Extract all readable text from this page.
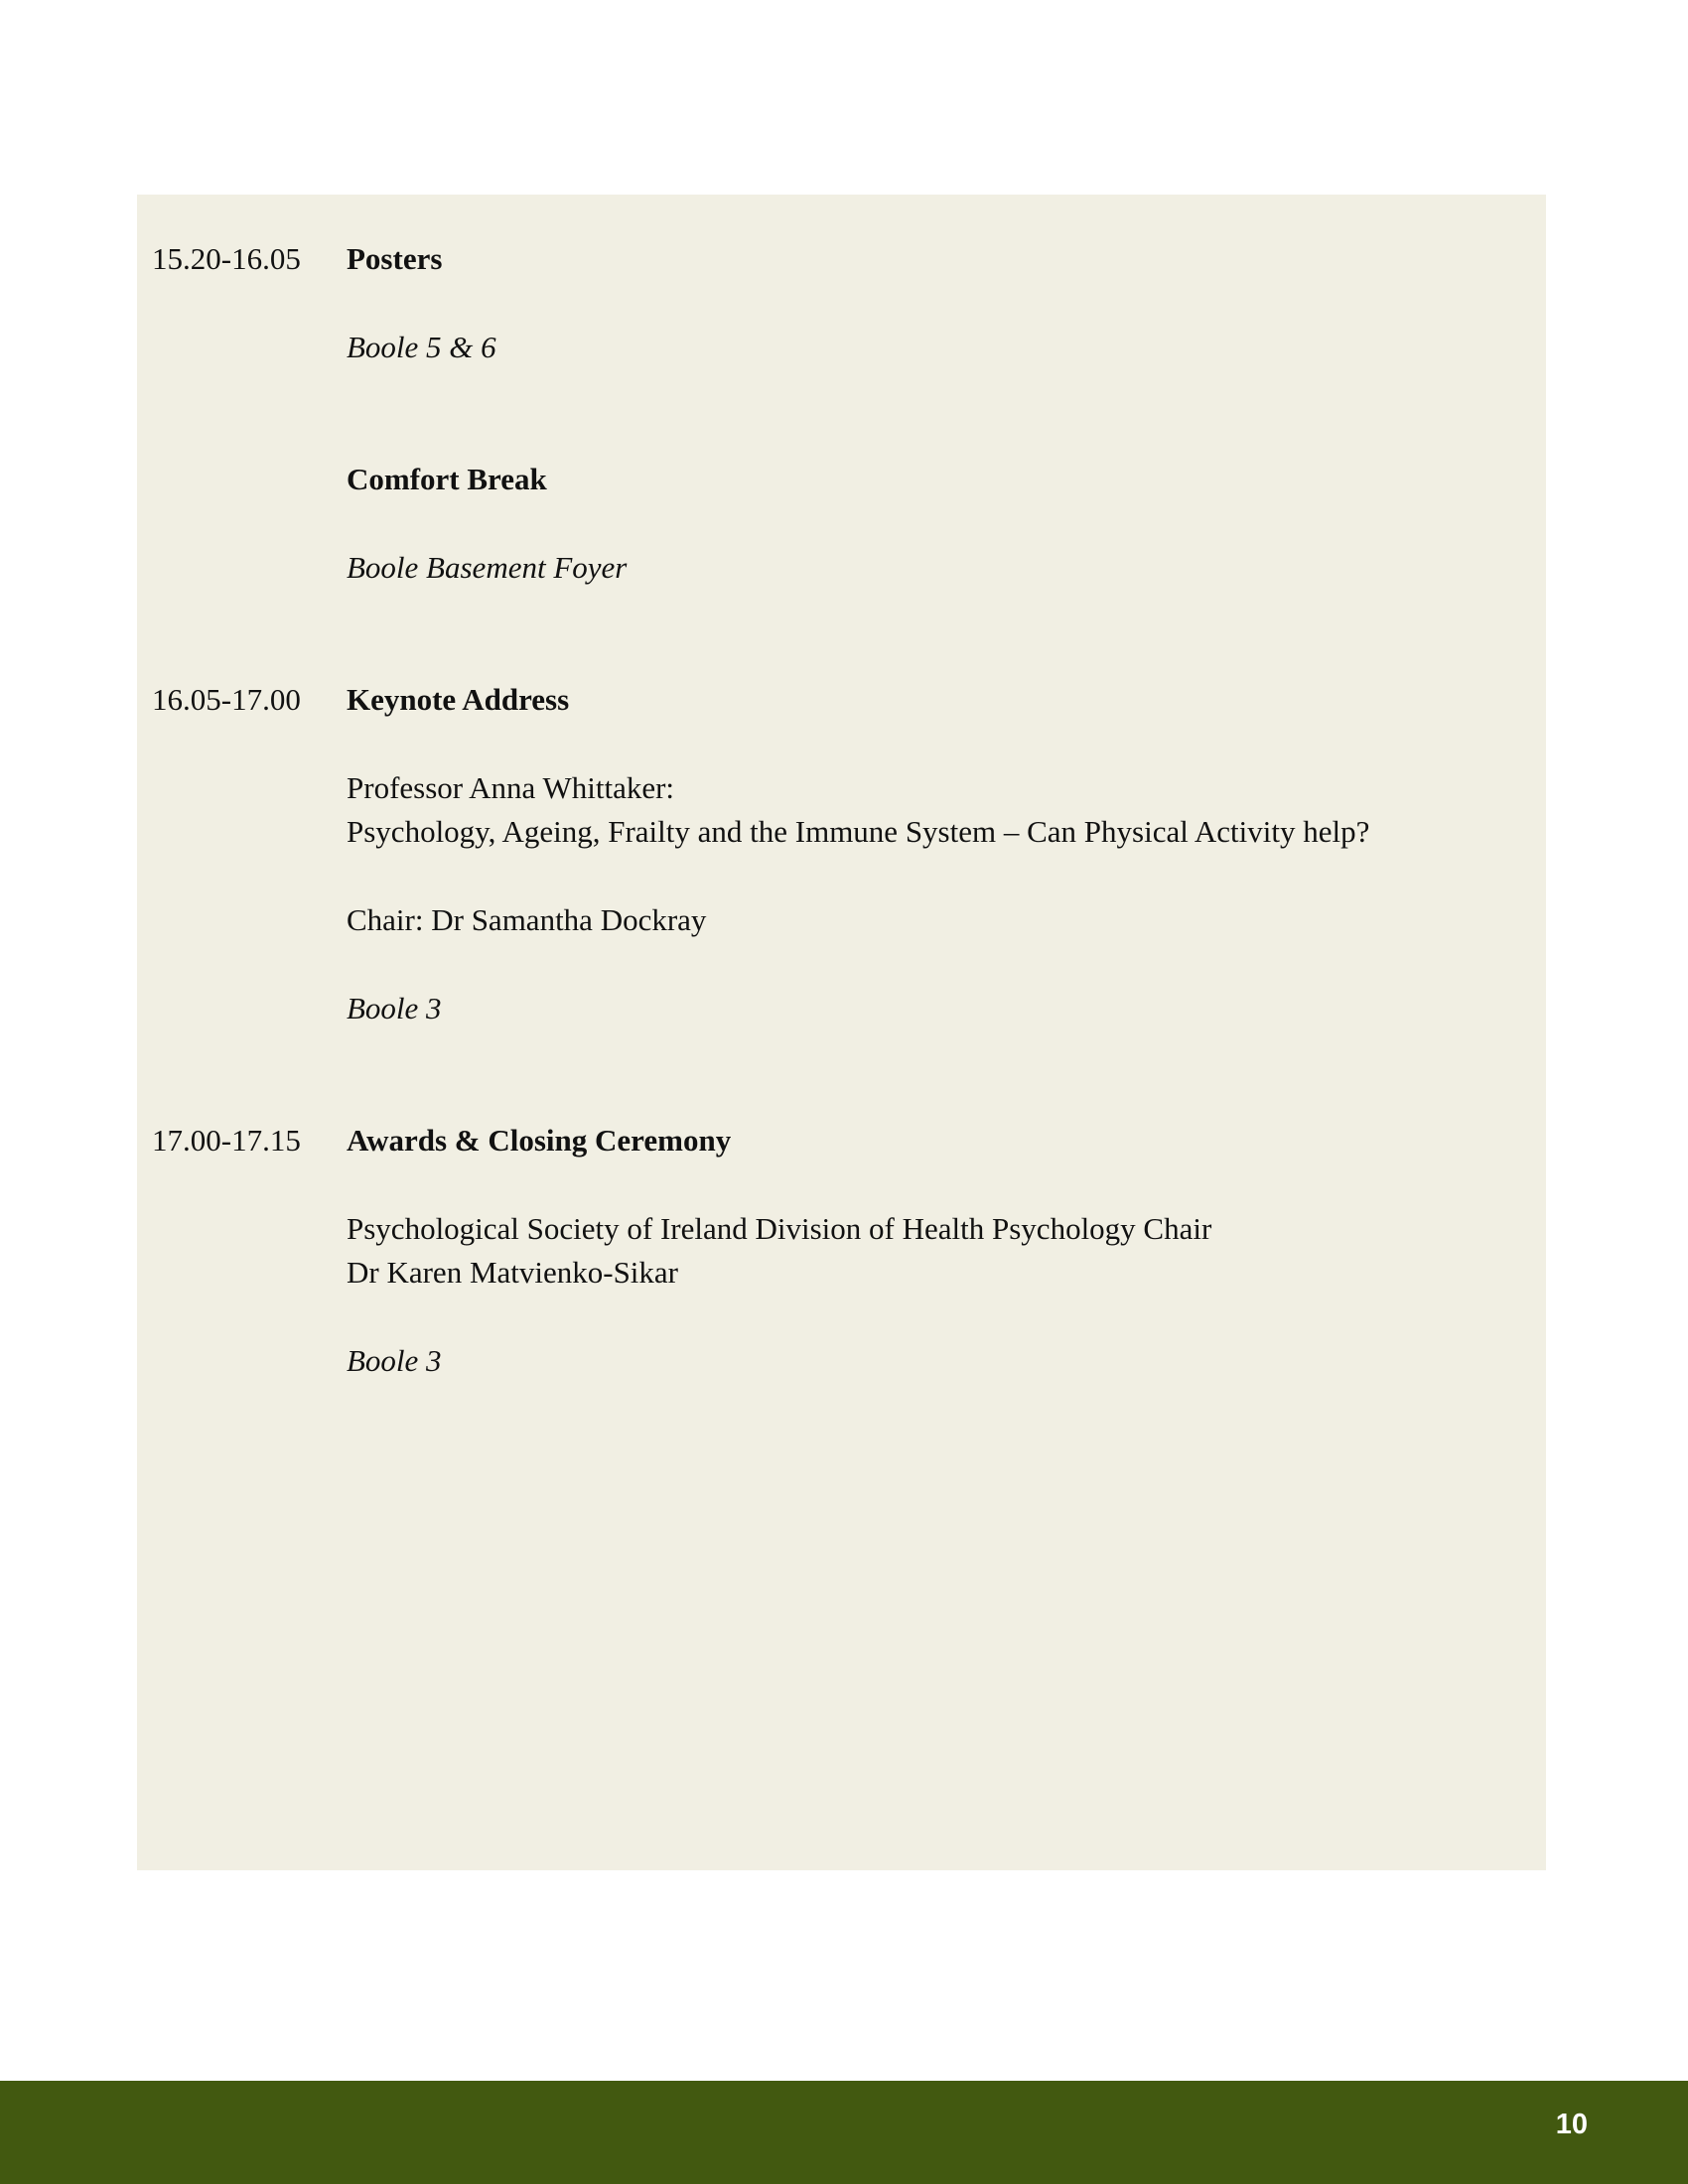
15.20-16.05 Posters

Boole 5 & 6

Comfort Break

Boole Basement Foyer

16.05-17.00 Keynote Address

Professor Anna Whittaker:

Psychology, Ageing, Frailty and the Immune System – Can Physical Activity help?

Chair: Dr Samantha Dockray

Boole 3

17.00-17.15 Awards & Closing Ceremony

Psychological Society of Ireland Division of Health Psychology Chair

Dr Karen Matvienko-Sikar

Boole 3

10
